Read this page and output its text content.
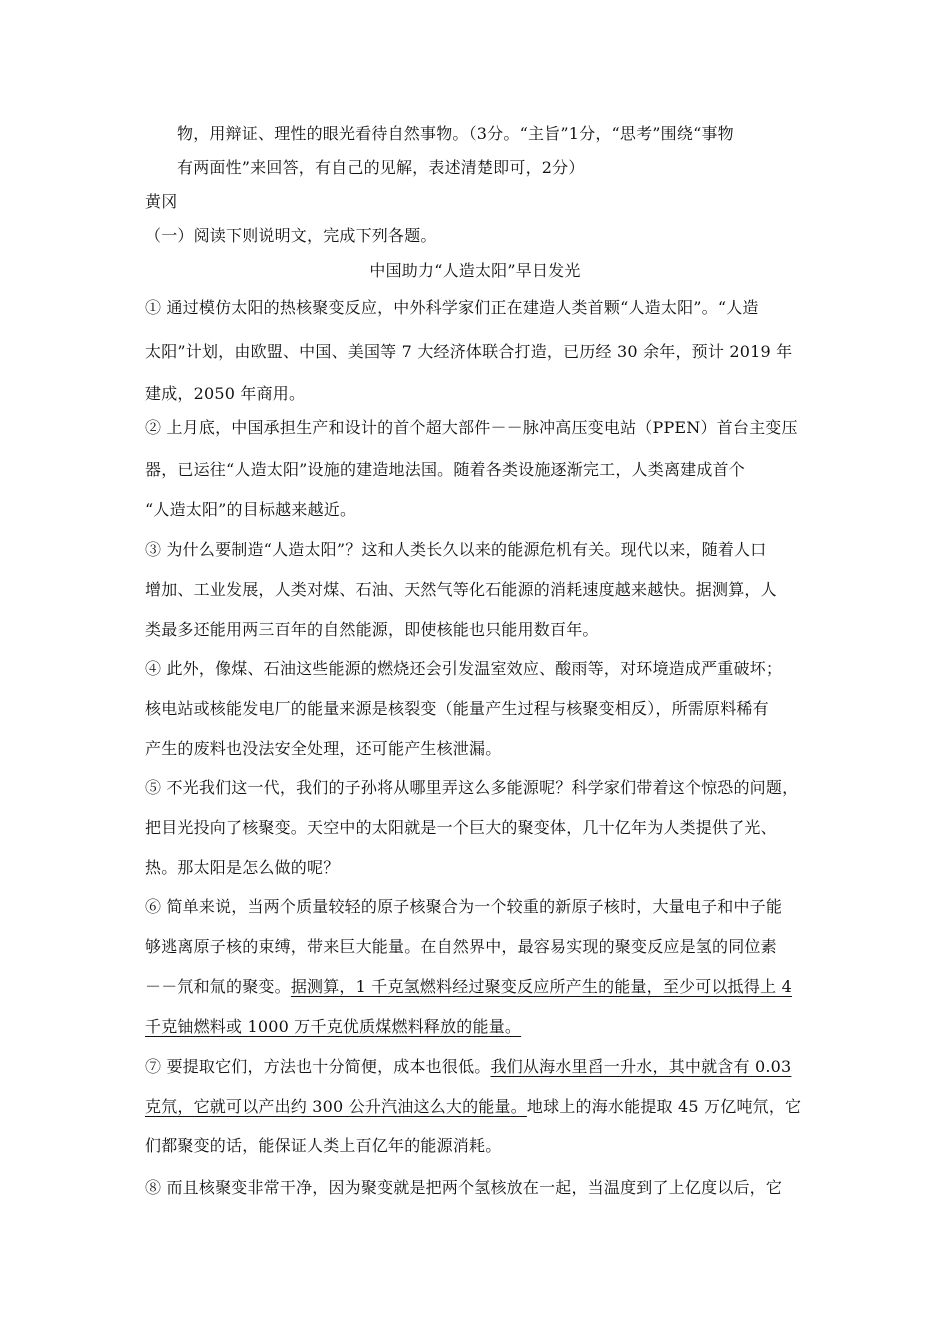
物，用辩证、理性的眼光看待自然事物。（3分。“主旨”1分，“思考”围绕“事物
有两面性”来回答，有自己的见解，表述清楚即可，2分）
黄冈
（一）阅读下则说明文，完成下列各题。
中国助力“人造太阳”早日发光
① 通过模仿太阳的热核聚变反应，中外科学家们正在建造人类首颗“人造太阳”。“人造
太阳”计划，由欧盟、中国、美国等 7 大经济体联合打造，已历经 30 余年，预计 2019 年
建成，2050 年商用。
② 上月底，中国承担生产和设计的首个超大部件－－脉冲高压变电站（PPEN）首台主变压
器，已运往“人造太阳”设施的建造地法国。随着各类设施逐渐完工，人类离建成首个
“人造太阳”的目标越来越近。
③ 为什么要制造“人造太阳”？这和人类长久以来的能源危机有关。现代以来，随着人口
增加、工业发展，人类对煤、石油、天然气等化石能源的消耗速度越来越快。据测算，人
类最多还能用两三百年的自然能源，即使核能也只能用数百年。
④ 此外，像煤、石油这些能源的燃烧还会引发温室效应、酸雨等，对环境造成严重破坏；
核电站或核能发电厂的能量来源是核裂变（能量产生过程与核聚变相反），所需原料稀有
产生的废料也没法安全处理，还可能产生核泄漏。
⑤ 不光我们这一代，我们的子孙将从哪里弄这么多能源呢？科学家们带着这个惊恐的问题，
把目光投向了核聚变。天空中的太阳就是一个巨大的聚变体，几十亿年为人类提供了光、
热。那太阳是怎么做的呢？
⑥ 简单来说，当两个质量较轻的原子核聚合为一个较重的新原子核时，大量电子和中子能
够逃离原子核的束缚，带来巨大能量。在自然界中，最容易实现的聚变反应是氢的同位素
－－氘和氚的聚变。据测算，1 千克氢燃料经过聚变反应所产生的能量，至少可以抵得上 4
千克铀燃料或 1000 万千克优质煤燃料释放的能量。
⑦ 要提取它们，方法也十分简便，成本也很低。我们从海水里舀一升水，其中就含有 0.03
克氘，它就可以产出约 300 公升汽油这么大的能量。地球上的海水能提取 45 万亿吨氘，它
们都聚变的话，能保证人类上百亿年的能源消耗。
⑧ 而且核聚变非常干净，因为聚变就是把两个氢核放在一起，当温度到了上亿度以后，它
